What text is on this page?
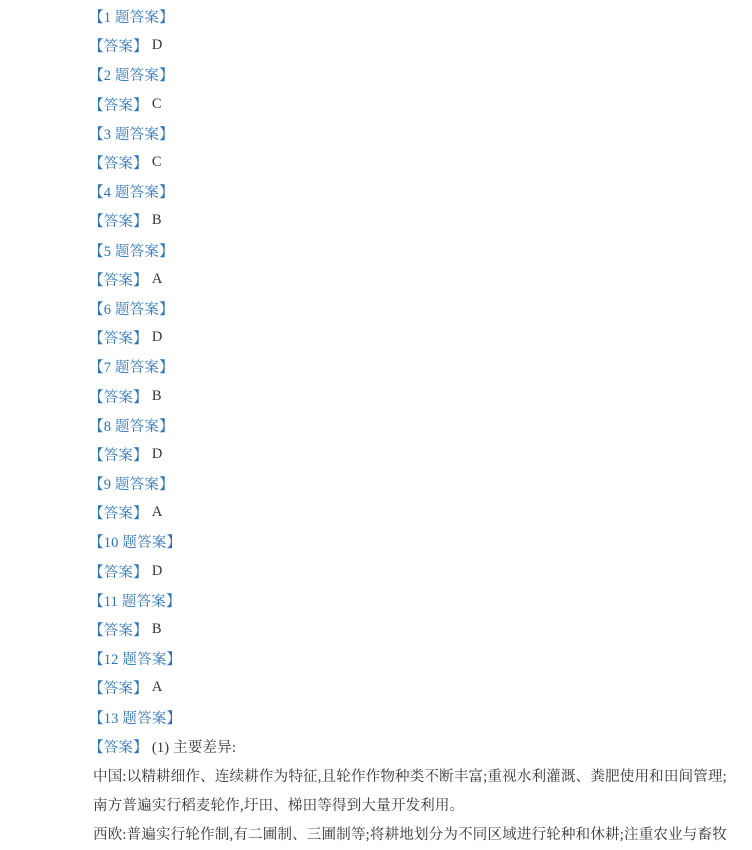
【1 题答案】
【答案】 D
【2 题答案】
【答案】 C
【3 题答案】
【答案】 C
【4 题答案】
【答案】 B
【5 题答案】
【答案】 A
【6 题答案】
【答案】 D
【7 题答案】
【答案】 B
【8 题答案】
【答案】 D
【9 题答案】
【答案】 A
【10 题答案】
【答案】 D
【11 题答案】
【答案】 B
【12 题答案】
【答案】 A
【13 题答案】
【答案】 (1) 主要差异:
中国:以精耕细作、连续耕作为特征,且轮作作物种类不断丰富;重视水利灌溉、粪肥使用和田间管理;
南方普遍实行稻麦轮作,圩田、梯田等得到大量开发利用。
西欧:普遍实行轮作制,有二圃制、三圃制等;将耕地划分为不同区域进行轮种和休耕;注重农业与畜牧
